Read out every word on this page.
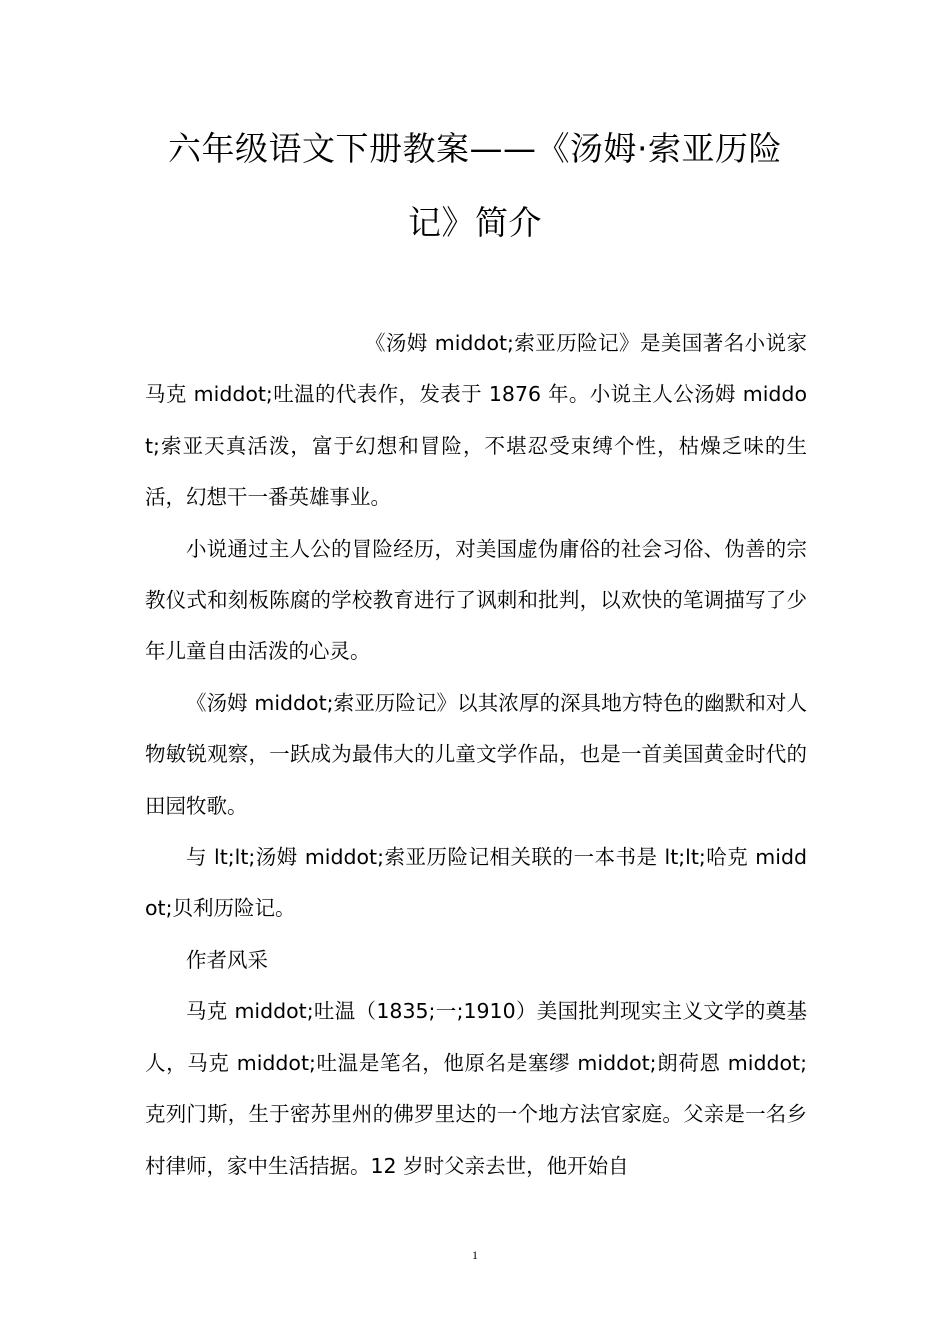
六年级语文下册教案——《汤姆·索亚历险记》简介

《汤姆 middot;索亚历险记》是美国著名小说家马克 middot;吐温的代表作，发表于 1876 年。小说主人公汤姆 middot;索亚天真活泼，富于幻想和冒险，不堪忍受束缚个性，枯燥乏味的生活，幻想干一番英雄事业。

小说通过主人公的冒险经历，对美国虚伪庸俗的社会习俗、伪善的宗教仪式和刻板陈腐的学校教育进行了讽刺和批判，以欢快的笔调描写了少年儿童自由活泼的心灵。

《汤姆 middot;索亚历险记》以其浓厚的深具地方特色的幽默和对人物敏锐观察，一跃成为最伟大的儿童文学作品，也是一首美国黄金时代的田园牧歌。

与 lt;lt;汤姆 middot;索亚历险记相关联的一本书是 lt;lt;哈克 middot;贝利历险记。

作者风采

马克 middot;吐温（1835;一;1910）美国批判现实主义文学的奠基人，马克 middot;吐温是笔名，他原名是塞缪 middot;朗荷恩 middot;克列门斯，生于密苏里州的佛罗里达的一个地方法官家庭。父亲是一名乡村律师，家中生活拮据。12 岁时父亲去世，他开始自

1
